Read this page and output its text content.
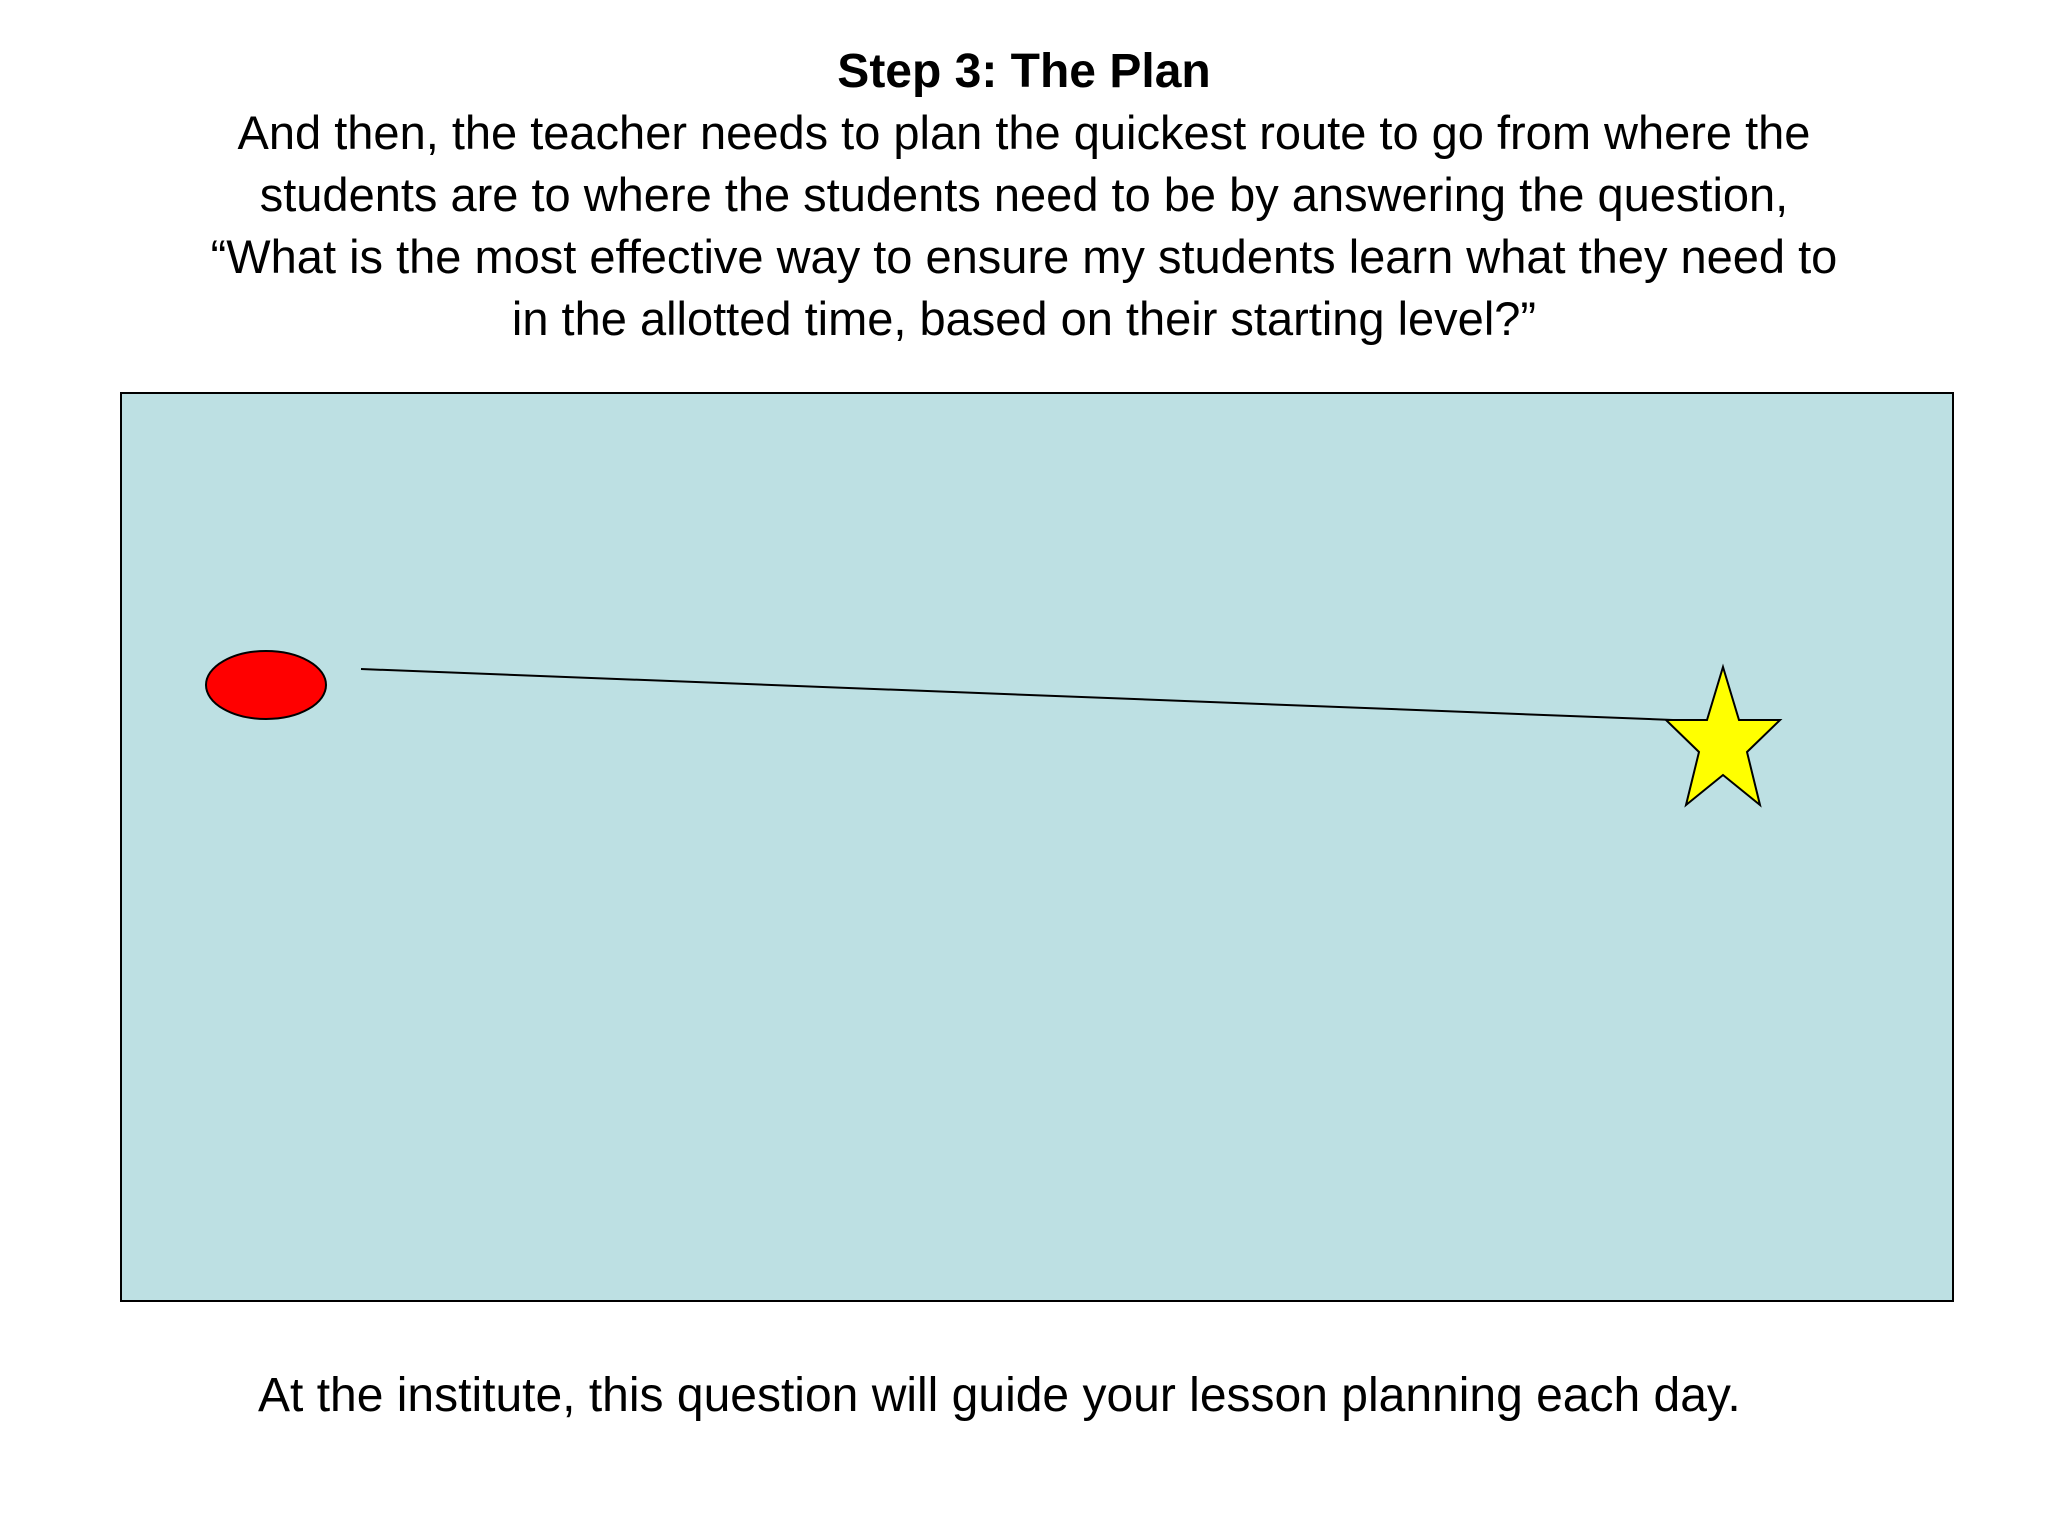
Step 3: The Plan

And then, the teacher needs to plan the quickest route to go from where the
students are to where the students need to be by answering the question,
“What is the most effective way to ensure my students learn what they need to
in the allotted time, based on their starting level?”

At the institute, this question will guide your lesson planning each day.
